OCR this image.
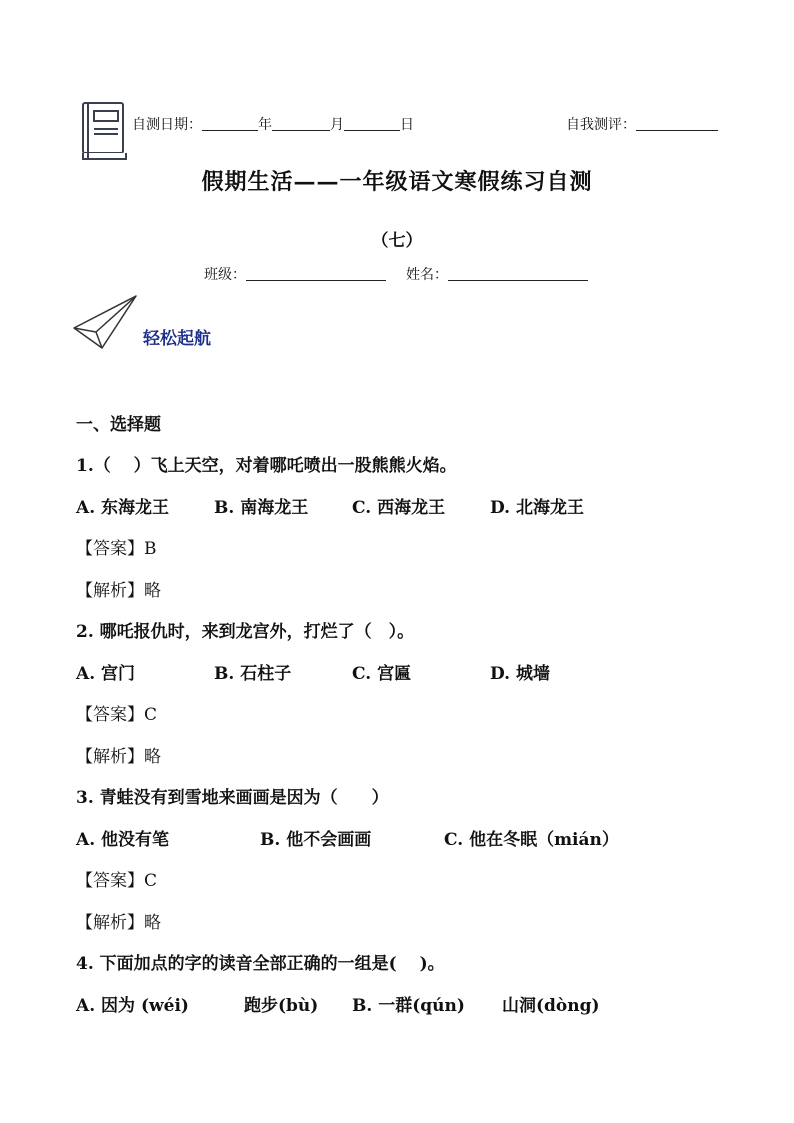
自测日期：	年	月	日	自我测评：
假期生活——一年级语文寒假练习自测
（七）
班级：	姓名：
轻松起航
一、选择题
1.（　 ）飞上天空，对着哪吒喷出一股熊熊火焰。
A. 东海龙王	B. 南海龙王	C. 西海龙王	D. 北海龙王
【答案】B
【解析】略
2. 哪吒报仇时，来到龙宫外，打烂了（　）。
A. 宫门	B. 石柱子	C. 宫匾	D. 城墙
【答案】C
【解析】略
3. 青蛙没有到雪地来画画是因为（　　）
A. 他没有笔	B. 他不会画画	C. 他在冬眠（mián）
【答案】C
【解析】略
4. 下面加点的字的读音全部正确的一组是(　 )。
A. 因为 (wéi)	跑步(bù) B. 一群(qún) 山洞(dòng)
